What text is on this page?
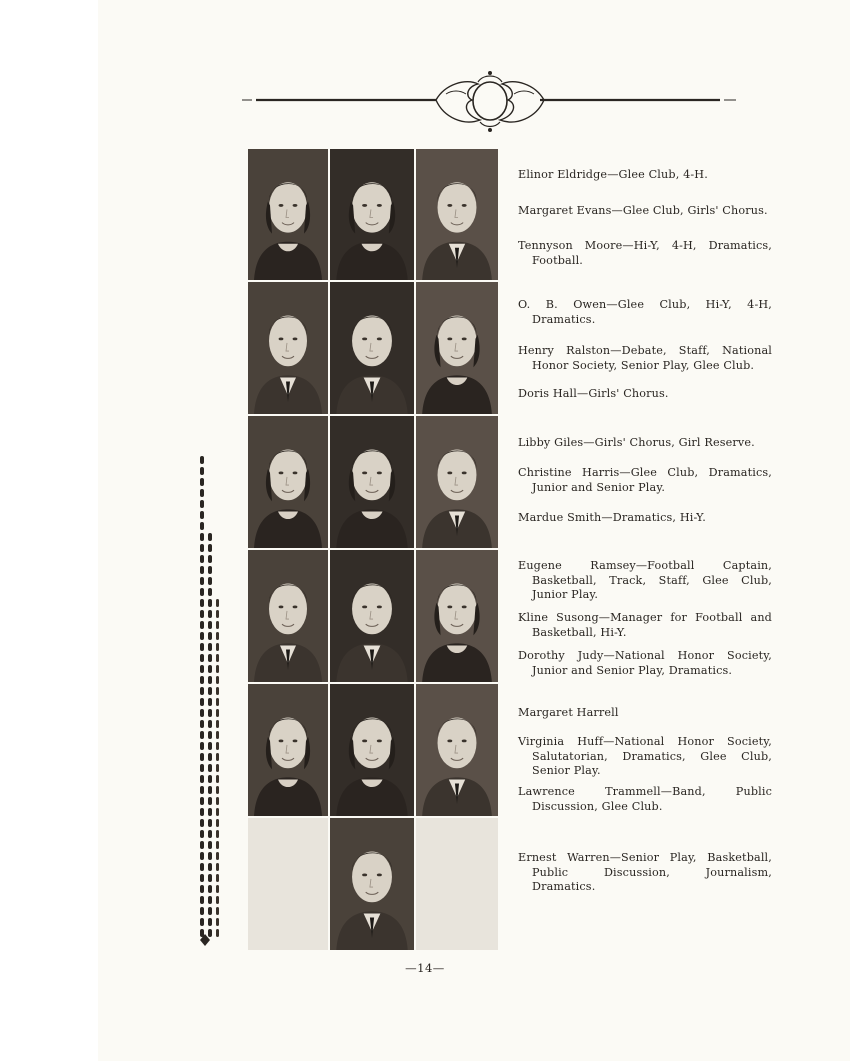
Elinor Eldridge—Glee Club, 4-H.
Margaret Evans—Glee Club, Girls' Chorus.
Tennyson Moore—Hi-Y, 4-H, Dramatics, Football.
O. B. Owen—Glee Club, Hi-Y, 4-H, Dramatics.
Henry Ralston—Debate, Staff, National Honor Society, Senior Play, Glee Club.
Doris Hall—Girls' Chorus.
Libby Giles—Girls' Chorus, Girl Reserve.
Christine Harris—Glee Club, Dramatics, Junior and Senior Play.
Mardue Smith—Dramatics, Hi-Y.
Eugene Ramsey—Football Captain, Basketball, Track, Staff, Glee Club, Junior Play.
Kline Susong—Manager for Football and Basketball, Hi-Y.
Dorothy Judy—National Honor Society, Junior and Senior Play, Dramatics.
Margaret Harrell
Virginia Huff—National Honor Society, Salutatorian, Dramatics, Glee Club, Senior Play.
Lawrence Trammell—Band, Public Discussion, Glee Club.
Ernest Warren—Senior Play, Basketball, Public Discussion, Journalism, Dramatics.
—14—
